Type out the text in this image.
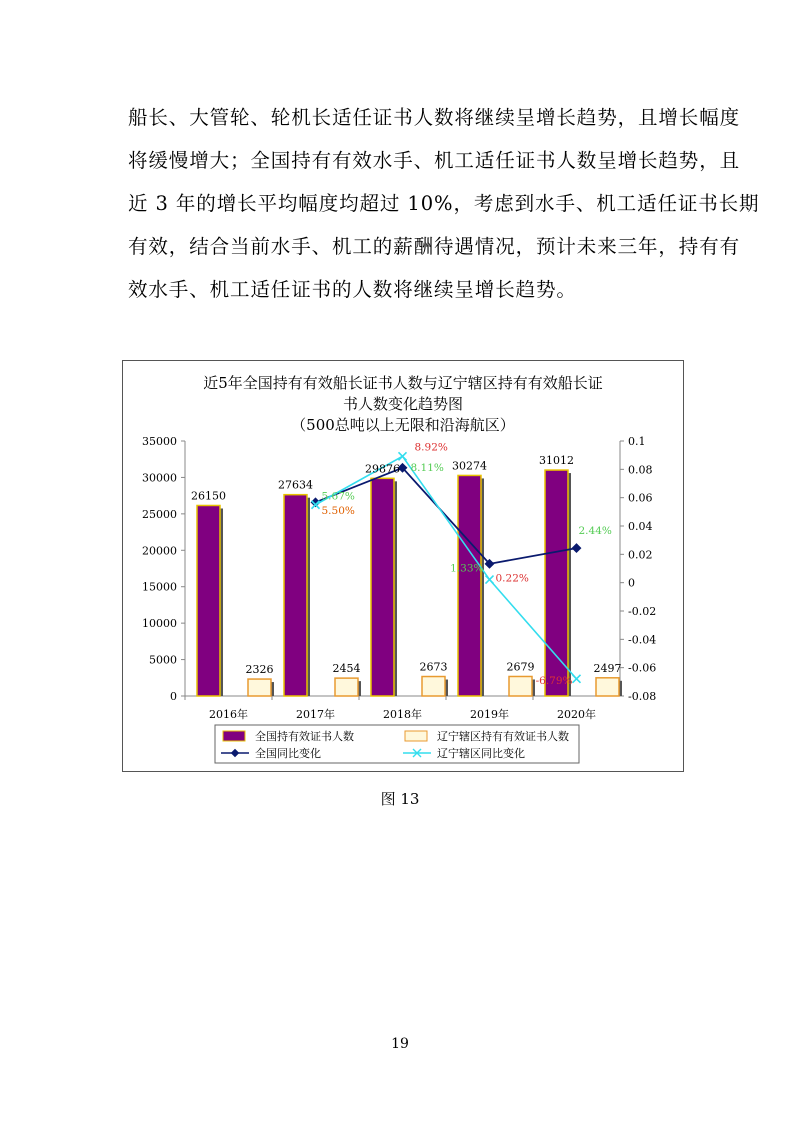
船长、大管轮、轮机长适任证书人数将继续呈增长趋势，且增长幅度
将缓慢增大；全国持有有效水手、机工适任证书人数呈增长趋势，且
近 3 年的增长平均幅度均超过 10%，考虑到水手、机工适任证书长期
有效，结合当前水手、机工的薪酬待遇情况，预计未来三年，持有有
效水手、机工适任证书的人数将继续呈增长趋势。

近5年全国持有有效船长证书人数与辽宁辖区持有有效船长证
书人数变化趋势图
（500总吨以上无限和沿海航区）
0
5000
10000
15000
20000
25000
30000
35000
-0.08
-0.06
-0.04
-0.02
0
0.02
0.04
0.06
0.08
0.1
2016年	2017年	2018年	2019年	2020年
26150
27634
29876	30274	31012
2326	2454	2673	2679	2497
5.50%
5.67%
8.92%
8.11%
1.33%
0.22%
2.44%
-6.79%
全国持有效证书人数	辽宁辖区持有有效证书人数
全国同比变化	辽宁辖区同比变化
图 13
19
